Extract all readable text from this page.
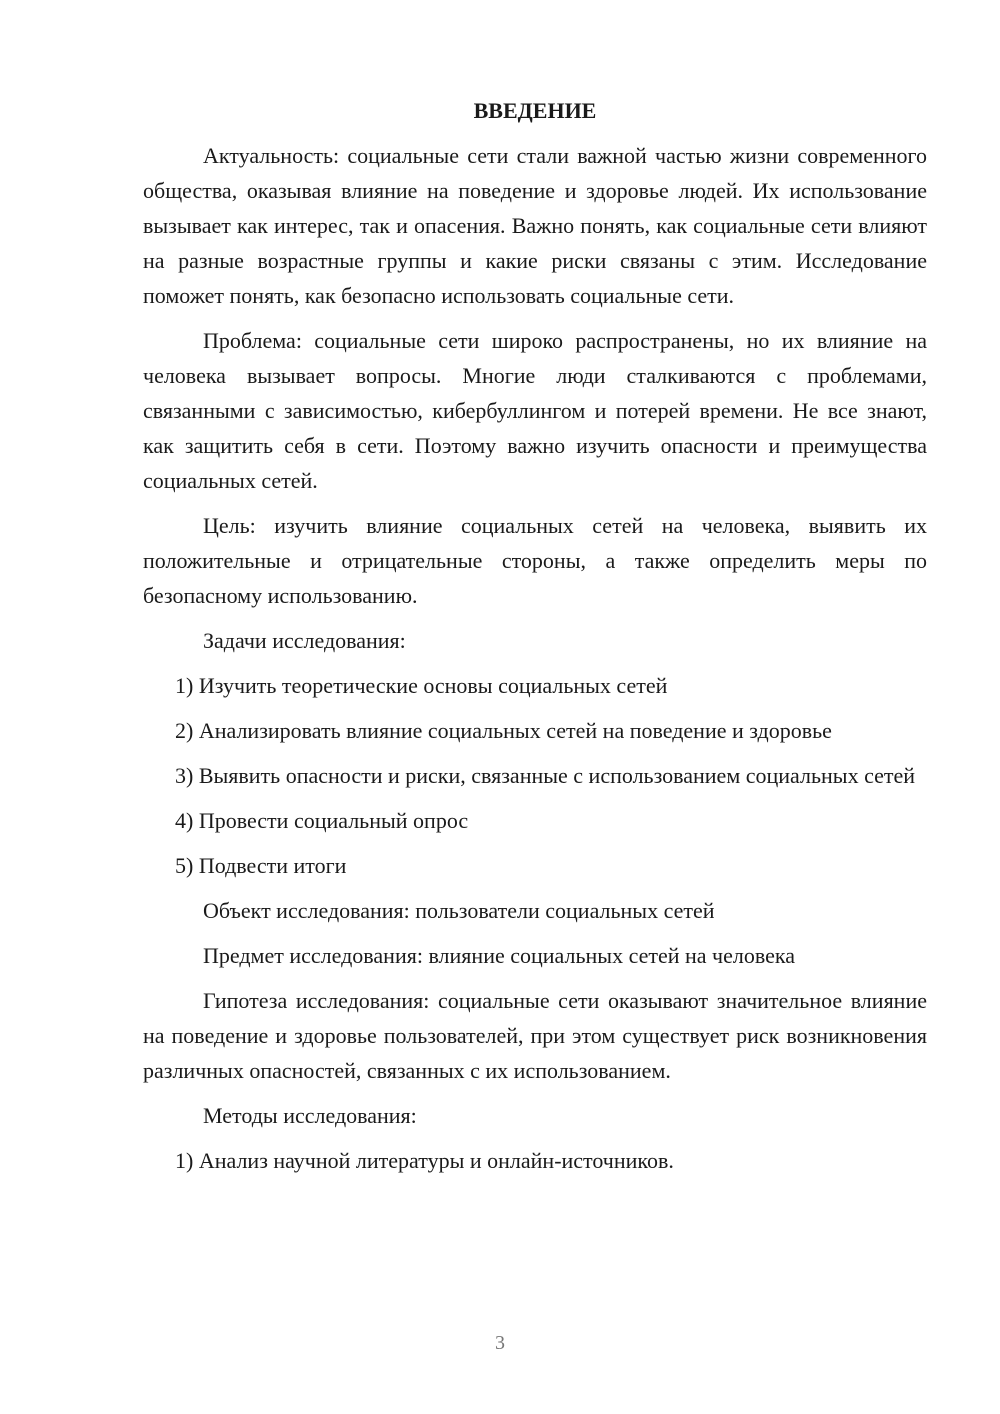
ВВЕДЕНИЕ
Актуальность: социальные сети стали важной частью жизни современного общества, оказывая влияние на поведение и здоровье людей. Их использование вызывает как интерес, так и опасения. Важно понять, как социальные сети влияют на разные возрастные группы и какие риски связаны с этим. Исследование поможет понять, как безопасно использовать социальные сети.
Проблема: социальные сети широко распространены, но их влияние на человека вызывает вопросы. Многие люди сталкиваются с проблемами, связанными с зависимостью, кибербуллингом и потерей времени. Не все знают, как защитить себя в сети. Поэтому важно изучить опасности и преимущества социальных сетей.
Цель: изучить влияние социальных сетей на человека, выявить их положительные и отрицательные стороны, а также определить меры по безопасному использованию.
Задачи исследования:
1) Изучить теоретические основы социальных сетей
2) Анализировать влияние социальных сетей на поведение и здоровье
3) Выявить опасности и риски, связанные с использованием социальных сетей
4) Провести социальный опрос
5) Подвести итоги
Объект исследования: пользователи социальных сетей
Предмет исследования: влияние социальных сетей на человека
Гипотеза исследования: социальные сети оказывают значительное влияние на поведение и здоровье пользователей, при этом существует риск возникновения различных опасностей, связанных с их использованием.
Методы исследования:
1) Анализ научной литературы и онлайн-источников.
3
